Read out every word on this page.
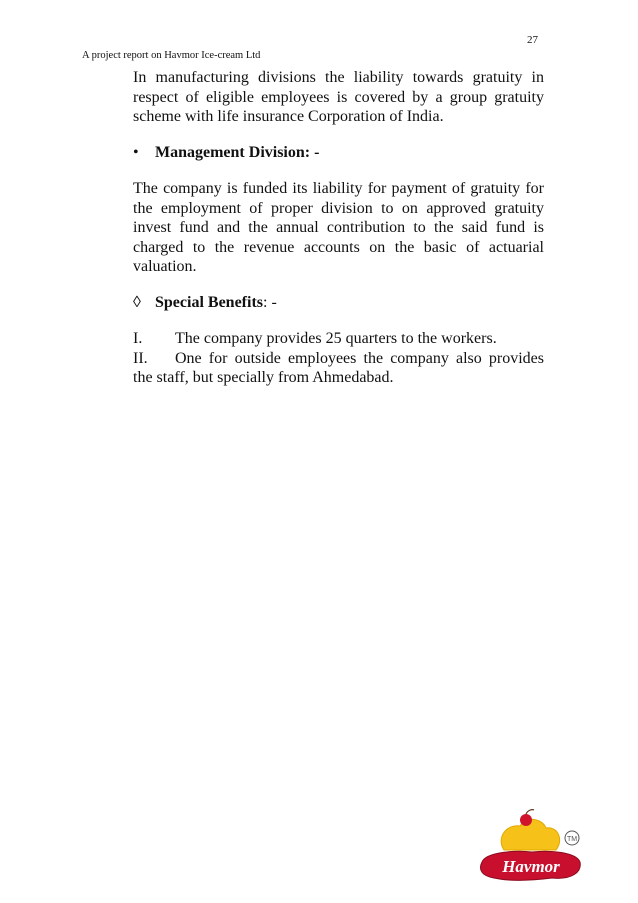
27
A project report on Havmor Ice-cream Ltd

In manufacturing divisions the liability towards gratuity in respect of eligible employees is covered by a group gratuity scheme with life insurance Corporation of India.

• Management Division: -

The company is funded its liability for payment of gratuity for the employment of proper division to on approved gratuity invest fund and the annual contribution to the said fund is charged to the revenue accounts on the basic of actuarial valuation.

◊ Special Benefits: -

I.	The company provides 25 quarters to the workers.

II. One for outside employees the company also provides the staff, but specially from Ahmedabad.

TM
Havmor
